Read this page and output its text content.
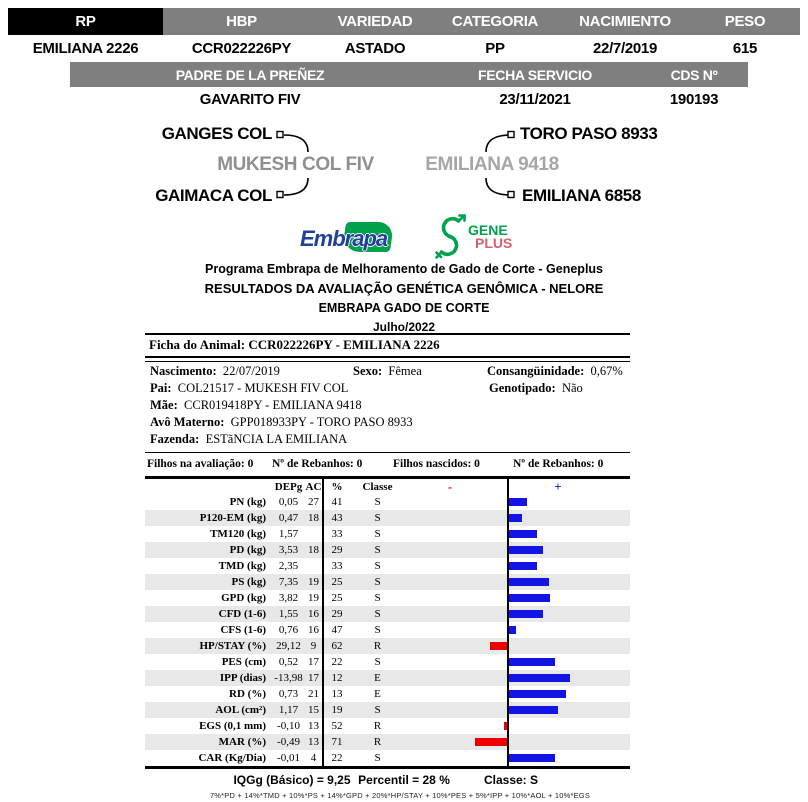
RP	HBP	VARIEDAD	CATEGORIA	NACIMIENTO	PESO
EMILIANA 2226	CCR022226PY	ASTADO	PP	22/7/2019	615
PADRE DE LA PREÑEZ	FECHA SERVICIO	CDS Nº
GAVARITO FIV	23/11/2021	190193
GANGES COL
MUKESH COL FIV
GAIMACA COL
TORO PASO 8933
EMILIANA 9418
EMILIANA 6858
Embrapa	GENE
PLUS
Programa Embrapa de Melhoramento de Gado de Corte - Geneplus
RESULTADOS DA AVALIAÇÃO GENÉTICA GENÔMICA - NELORE
EMBRAPA GADO DE CORTE
Julho/2022
Ficha do Animal: CCR022226PY - EMILIANA 2226
Nascimento:  22/07/2019	Sexo:  Fêmea	Consangüinidade:  0,67%
Pai:  COL21517 - MUKESH FIV COL	Genotipado:  Não
Mãe:  CCR019418PY - EMILIANA 9418
Avô Materno:  GPP018933PY - TORO PASO 8933
Fazenda:  ESTãNCIA LA EMILIANA
Filhos na avaliação: 0 Nº de Rebanhos: 0	Filhos nascidos: 0	Nº de Rebanhos: 0
DEPg AC %	Classe	-	+
PN (kg)	0,05 27	41	S
P120-EM (kg)	0,47 18	43	S
TM120 (kg)	1,57	33	S
PD (kg)	3,53 18	29	S
TMD (kg)	2,35	33	S
PS (kg)	7,35 19	25	S
GPD (kg)	3,82 19	25	S
CFD (1-6)	1,55 16	29	S
CFS (1-6)	0,76 16	47	S
HP/STAY (%) 29,12 9	62	R
PES (cm)	0,52 17	22	S
IPP (dias) -13,98 17	12	E
RD (%)	0,73 21	13	E
AOL (cm²)	1,17 15	19	S
EGS (0,1 mm)	-0,10 13	52	R
MAR (%)	-0,49 13	71	R
CAR (Kg/Dia)	-0,01 4	22	S
IQGg (Básico) = 9,25 Percentil = 28 %	Classe: S
7%*PD + 14%*TMD + 10%*PS + 14%*GPD + 20%*HP/STAY + 10%*PES + 5%*IPP + 10%*AOL + 10%*EGS
